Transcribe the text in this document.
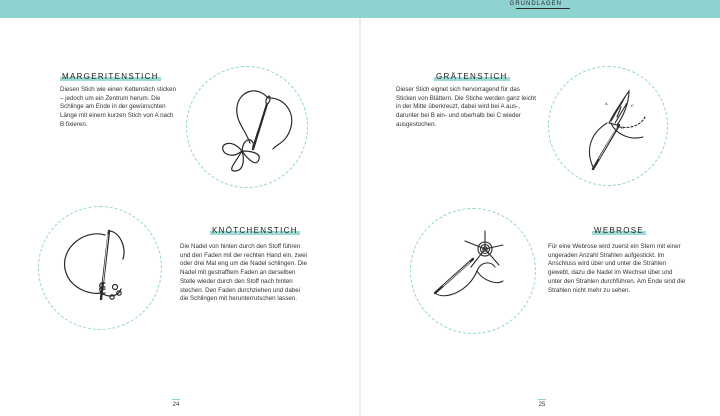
GRUNDLAGEN
MARGERITENSTICH
Diesen Stich wie einen Kettenstich sticken – jedoch um ein Zentrum herum. Die Schlinge am Ende in der gewünschten Länge mit einem kurzen Stich von A nach B fixieren.
B
GRÄTENSTICH
Dieser Stich eignet sich hervorragend für das Sticken von Blättern. Die Stiche werden ganz leicht in der Mitte überkreuzt, dabei wird bei A aus-, darunter bei B ein- und oberhalb bei C wieder ausgestochen.
A	C
B
KNÖTCHENSTICH
Die Nadel von hinten durch den Stoff führen und den Faden mit der rechten Hand ein, zwei oder drei Mal eng um die Nadel schlingen. Die Nadel mit gestrafftem Faden an derselben Stelle wieder durch den Stoff nach hinten stechen. Den Faden durchziehen und dabei die Schlingen mit herunterrutschen lassen.
WEBROSE
Für eine Webrose wird zuerst ein Stern mit einer ungeraden Anzahl Strahlen aufgestickt. Im Anschluss wird über und unter die Strahlen gewebt, dazu die Nadel im Wechsel über und unter den Strahlen durchführen. Am Ende sind die Strahlen nicht mehr zu sehen.
24	25
